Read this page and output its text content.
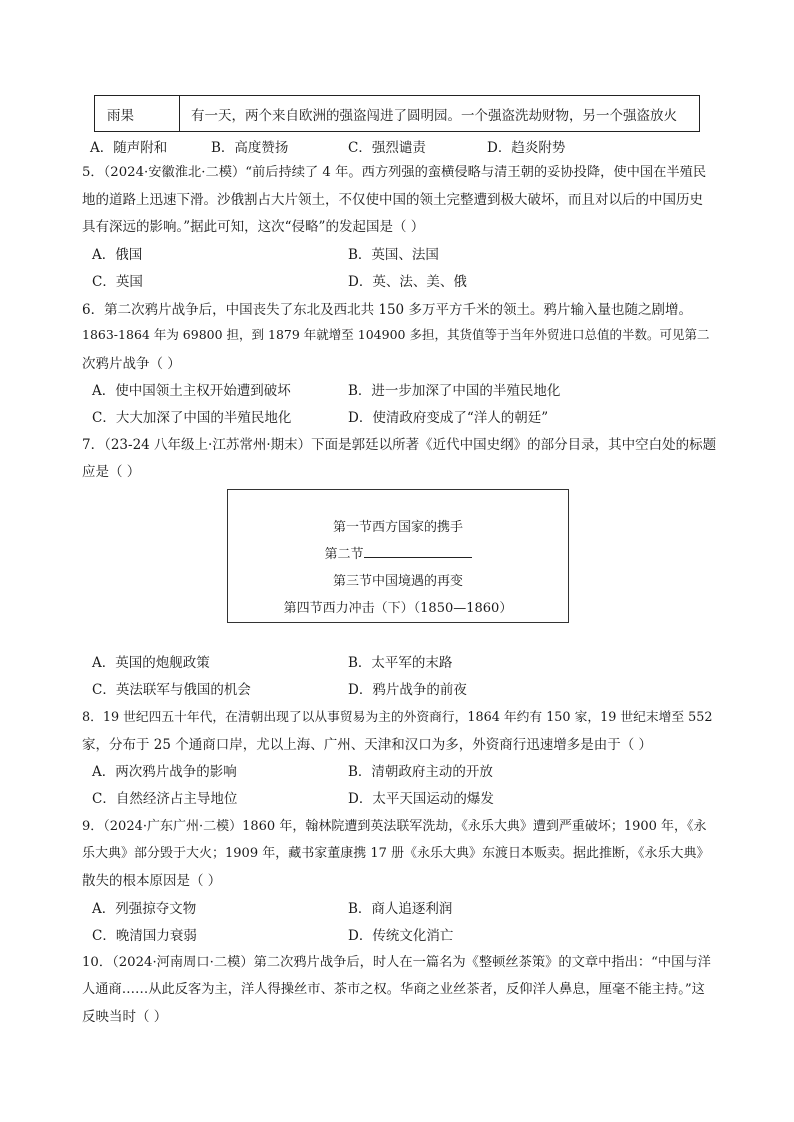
雨果	有一天，两个来自欧洲的强盗闯进了圆明园。一个强盗洗劫财物，另一个强盗放火
A．随声附和	B．高度赞扬	C．强烈谴责	D．趋炎附势
5．（2024·安徽淮北·二模）“前后持续了 4 年。西方列强的蛮横侵略与清王朝的妥协投降，使中国在半殖民
地的道路上迅速下滑。沙俄割占大片领土，不仅使中国的领土完整遭到极大破坏，而且对以后的中国历史
具有深远的影响。”据此可知，这次“侵略”的发起国是（ ）
A．俄国	B．英国、法国
C．英国	D．英、法、美、俄
6．第二次鸦片战争后，中国丧失了东北及西北共 150 多万平方千米的领土。鸦片输入量也随之剧增。
1863-1864 年为 69800 担，到 1879 年就增至 104900 多担，其货值等于当年外贸进口总值的半数。可见第二
次鸦片战争（ ）
A．使中国领土主权开始遭到破坏	B．进一步加深了中国的半殖民地化
C．大大加深了中国的半殖民地化	D．使清政府变成了“洋人的朝廷”
7．（23-24 八年级上·江苏常州·期末）下面是郭廷以所著《近代中国史纲》的部分目录，其中空白处的标题
应是（ ）
第一节西方国家的携手
第二节
第三节中国境遇的再变
第四节西力冲击（下）（1850—1860）
A．英国的炮舰政策	B．太平军的末路
C．英法联军与俄国的机会	D．鸦片战争的前夜
8．19 世纪四五十年代，在清朝出现了以从事贸易为主的外资商行，1864 年约有 150 家，19 世纪末增至 552
家，分布于 25 个通商口岸，尤以上海、广州、天津和汉口为多，外资商行迅速增多是由于（ ）
A．两次鸦片战争的影响	B．清朝政府主动的开放
C．自然经济占主导地位	D．太平天国运动的爆发
9．（2024·广东广州·二模）1860 年，翰林院遭到英法联军洗劫，《永乐大典》遭到严重破坏；1900 年，《永
乐大典》部分毁于大火；1909 年，藏书家董康携 17 册《永乐大典》东渡日本贩卖。据此推断，《永乐大典》
散失的根本原因是（ ）
A．列强掠夺文物	B．商人追逐利润
C．晚清国力衰弱	D．传统文化消亡
10．（2024·河南周口·二模）第二次鸦片战争后，时人在一篇名为《整顿丝茶策》的文章中指出：“中国与洋
人通商……从此反客为主，洋人得操丝市、茶市之权。华商之业丝茶者，反仰洋人鼻息，厘毫不能主持。”这
反映当时（ ）
